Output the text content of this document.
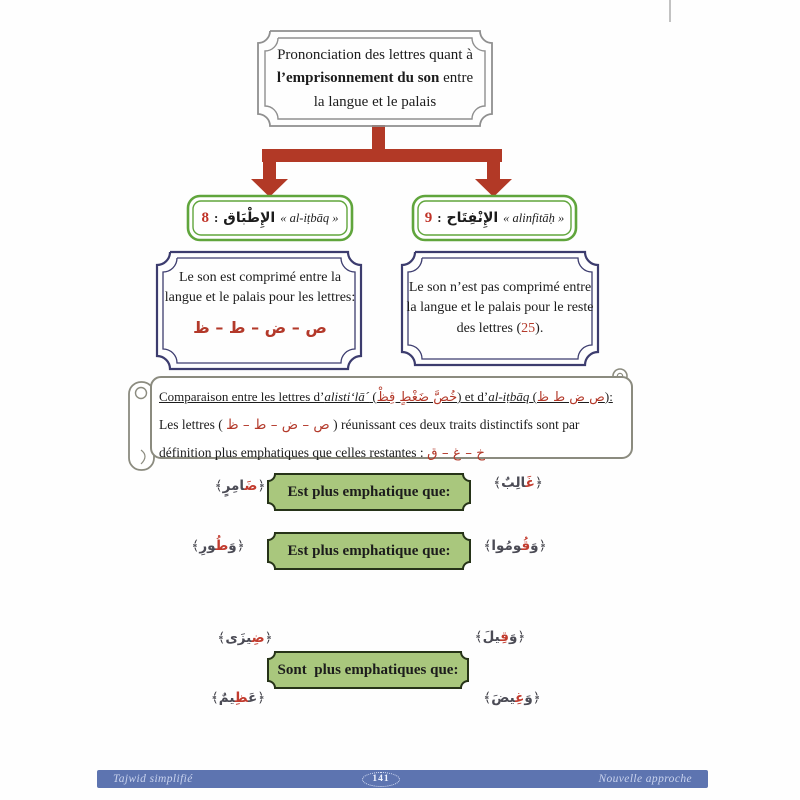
Prononciation des lettres quant à
l’emprisonnement du son entre
la langue et le palais
8 : الإِطْبَاق « al-iṭbāq »	9 : الإِنْفِتَاح « alinfitāḥ »
Le son est comprimé entre la langue et le palais pour les lettres:
ص – ض – ط – ظ
Le son n’est pas comprimé entre la langue et le palais pour le reste des lettres (25).
Comparaison entre les lettres d’alisti‘lā´ (خُصَّ ضَغْطٍ قِظْ) et d’al-iṭbāq (ص ض ط ظ):
Les lettres ( ص – ض – ط – ظ ) réunissant ces deux traits distinctifs sont par
définition plus emphatiques que celles restantes : خ – غ – ق
﴿ضَامِرٍ﴾	Est plus emphatique que:
﴿غَالِبٌ﴾
﴿وَطُورِ﴾	Est plus emphatique que:	﴿وَقُومُوا﴾
﴿ضِيزَى﴾	﴿وَقِيلَ﴾
Sont  plus emphatiques que:
﴿عَظِيمٌ﴾	﴿وَغِيضَ﴾
Tajwid simplifié	Nouvelle approche
141
